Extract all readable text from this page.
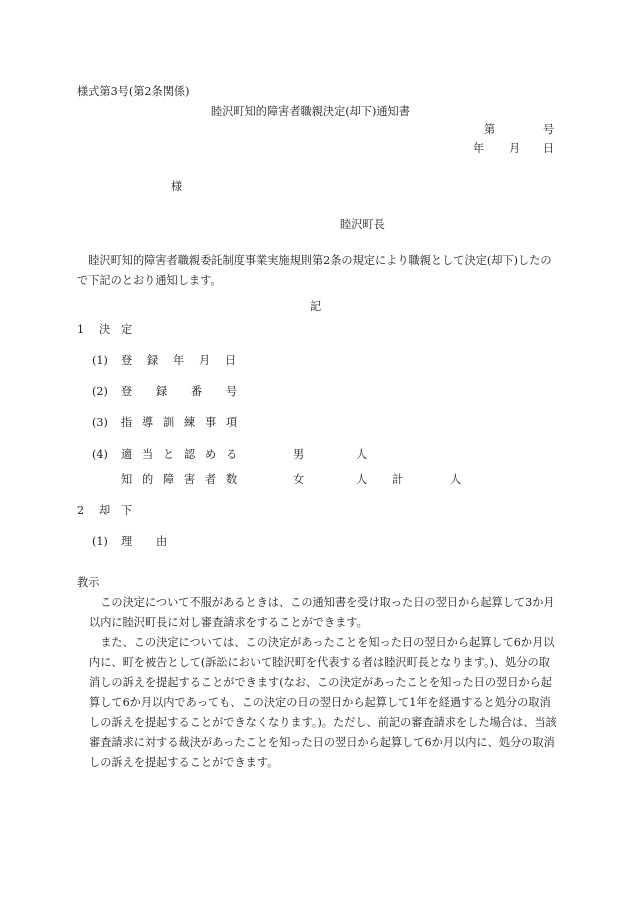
様式第3号(第2条関係)
睦沢町知的障害者職親決定(却下)通知書
第	号
年 月 日
様
睦沢町長

睦沢町知的障害者職親委託制度事業実施規則第2条の規定により職親として決定(却下)したので下記のとおり通知します。

記
1 決 定
(1) 登 録 年 月 日
(2) 登 録 番 号
(3) 指 導 訓 練 事 項
(4) 適 当 と 認 め る	男	人
知 的 障 害 者 数	女	人 計	人
2 却 下
(1) 理 由
教示

この決定について不服があるときは、この通知書を受け取った日の翌日から起算して3か月以内に睦沢町長に対し審査請求をすることができます。

また、この決定については、この決定があったことを知った日の翌日から起算して6か月以内に、町を被告として(訴訟において睦沢町を代表する者は睦沢町長となります。)、処分の取消しの訴えを提起することができます(なお、この決定があったことを知った日の翌日から起算して6か月以内であっても、この決定の日の翌日から起算して1年を経過すると処分の取消しの訴えを提起することができなくなります。)。ただし、前記の審査請求をした場合は、当該審査請求に対する裁決があったことを知った日の翌日から起算して6か月以内に、処分の取消しの訴えを提起することができます。
